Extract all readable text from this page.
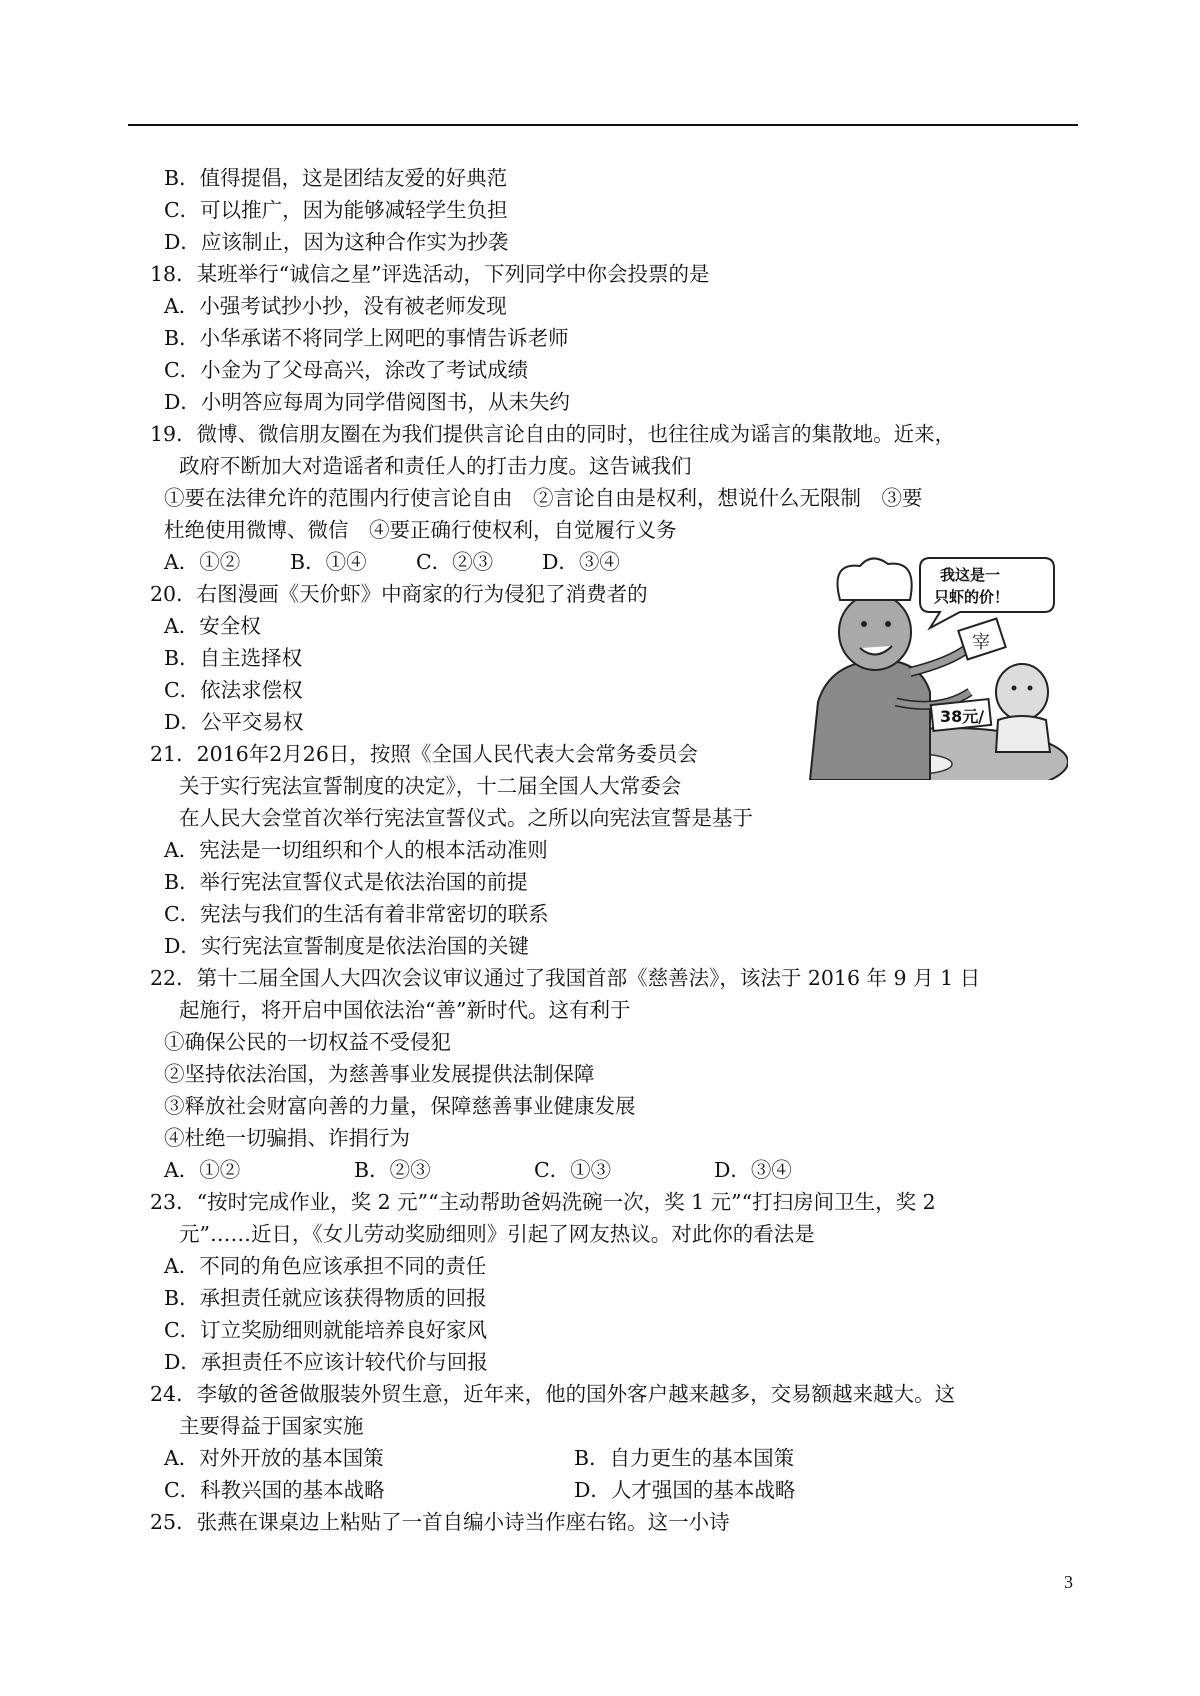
B．值得提倡，这是团结友爱的好典范
C．可以推广，因为能够减轻学生负担
D．应该制止，因为这种合作实为抄袭
18．某班举行“诚信之星”评选活动，下列同学中你会投票的是
A．小强考试抄小抄，没有被老师发现
B．小华承诺不将同学上网吧的事情告诉老师
C．小金为了父母高兴，涂改了考试成绩
D．小明答应每周为同学借阅图书，从未失约
19．微博、微信朋友圈在为我们提供言论自由的同时，也往往成为谣言的集散地。近来，
政府不断加大对造谣者和责任人的打击力度。这告诫我们
①要在法律允许的范围内行使言论自由　②言论自由是权利，想说什么无限制　③要
杜绝使用微博、微信　④要正确行使权利，自觉履行义务
A．①② B．①④ C．②③ D．③④
20．右图漫画《天价虾》中商家的行为侵犯了消费者的
A．安全权
B．自主选择权
C．依法求偿权
D．公平交易权
21．2016年2月26日，按照《全国人民代表大会常务委员会
关于实行宪法宣誓制度的决定》，十二届全国人大常委会
在人民大会堂首次举行宪法宣誓仪式。之所以向宪法宣誓是基于
A．宪法是一切组织和个人的根本活动准则
B．举行宪法宣誓仪式是依法治国的前提
C．宪法与我们的生活有着非常密切的联系
D．实行宪法宣誓制度是依法治国的关键
22．第十二届全国人大四次会议审议通过了我国首部《慈善法》，该法于 2016 年 9 月 1 日
起施行，将开启中国依法治“善”新时代。这有利于
①确保公民的一切权益不受侵犯
②坚持依法治国，为慈善事业发展提供法制保障
③释放社会财富向善的力量，保障慈善事业健康发展
④杜绝一切骗捐、诈捐行为
A．①②	B．②③	C．①③	D．③④
23．“按时完成作业，奖 2 元”“主动帮助爸妈洗碗一次，奖 1 元”“打扫房间卫生，奖 2
元”……近日，《女儿劳动奖励细则》引起了网友热议。对此你的看法是
A．不同的角色应该承担不同的责任
B．承担责任就应该获得物质的回报
C．订立奖励细则就能培养良好家风
D．承担责任不应该计较代价与回报
24．李敏的爸爸做服装外贸生意，近年来，他的国外客户越来越多，交易额越来越大。这
主要得益于国家实施
A．对外开放的基本国策	B．自力更生的基本国策
C．科教兴国的基本战略	D．人才强国的基本战略
25．张燕在课桌边上粘贴了一首自编小诗当作座右铭。这一小诗
宰
38元/
我这是一
只虾的价！
3
